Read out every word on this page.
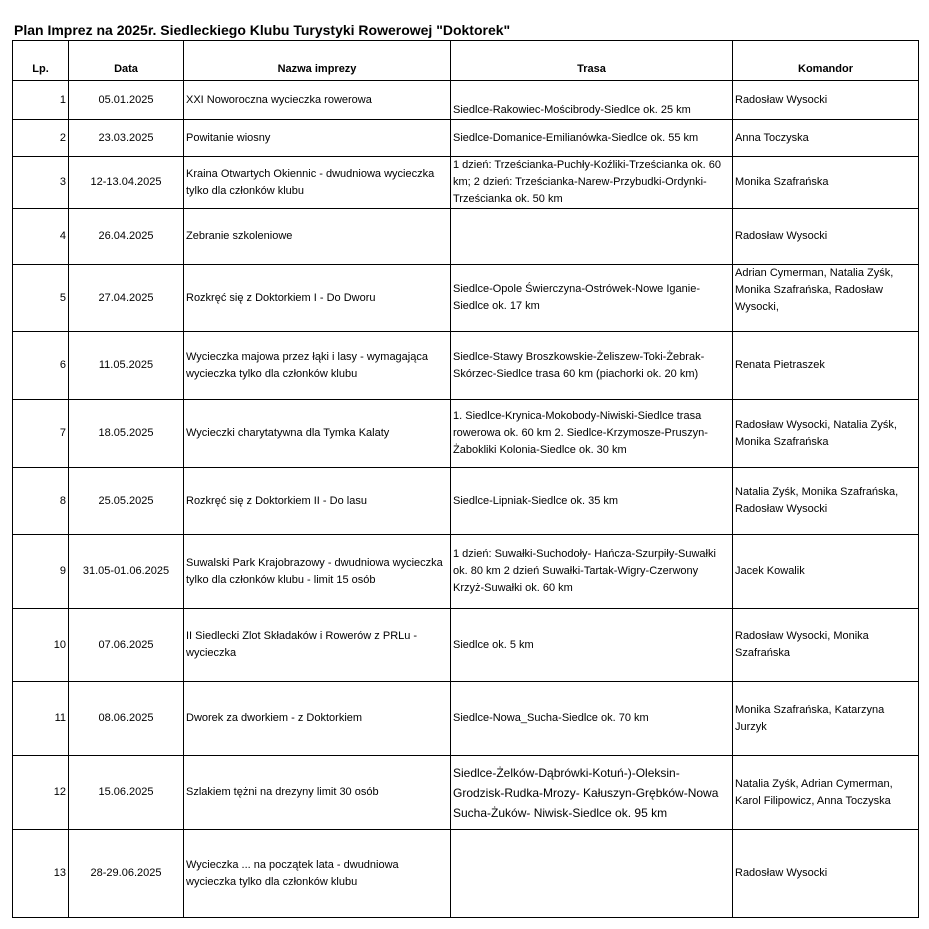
Plan Imprez na 2025r. Siedleckiego Klubu Turystyki Rowerowej "Doktorek"
Lp.	Data	Nazwa imprezy	Trasa	Komandor
1	05.01.2025	XXI Noworoczna wycieczka rowerowa	Siedlce-Rakowiec-Mościbrody-Siedlce ok. 25 km	Radosław Wysocki
2	23.03.2025	Powitanie wiosny	Siedlce-Domanice-Emilianówka-Siedlce ok. 55 km	Anna Toczyska
3	12-13.04.2025	Kraina Otwartych Okiennic - dwudniowa wycieczka tylko dla członków klubu	1 dzień: Trześcianka-Puchły-Koźliki-Trześcianka ok. 60 km; 2 dzień: Trześcianka-Narew-Przybudki-Ordynki-Trześcianka ok. 50 km	Monika Szafrańska
4	26.04.2025	Zebranie szkoleniowe		Radosław Wysocki
5	27.04.2025	Rozkręć się z Doktorkiem I - Do Dworu	Siedlce-Opole Świerczyna-Ostrówek-Nowe Iganie-Siedlce ok. 17 km	Adrian Cymerman, Natalia Zyśk, Monika Szafrańska, Radosław Wysocki,
6	11.05.2025	Wycieczka majowa przez łąki i lasy - wymagająca wycieczka tylko dla członków klubu	Siedlce-Stawy Broszkowskie-Żeliszew-Toki-Żebrak-Skórzec-Siedlce trasa 60 km (piachorki ok. 20 km)	Renata Pietraszek
7	18.05.2025	Wycieczki charytatywna dla Tymka Kalaty	1. Siedlce-Krynica-Mokobody-Niwiski-Siedlce trasa rowerowa ok. 60 km 2. Siedlce-Krzymosze-Pruszyn-Żabokliki Kolonia-Siedlce ok. 30 km	Radosław Wysocki, Natalia Zyśk, Monika Szafrańska
8	25.05.2025	Rozkręć się z Doktorkiem II - Do lasu	Siedlce-Lipniak-Siedlce ok. 35 km	Natalia Zyśk, Monika Szafrańska, Radosław Wysocki
9	31.05-01.06.2025	Suwalski Park Krajobrazowy - dwudniowa wycieczka tylko dla członków klubu - limit 15 osób	1 dzień: Suwałki-Suchodoły- Hańcza-Szurpiły-Suwałki ok. 80 km 2 dzień Suwałki-Tartak-Wigry-Czerwony Krzyż-Suwałki ok. 60 km	Jacek Kowalik
10	07.06.2025	II Siedlecki Zlot Składaków i Rowerów z PRLu - wycieczka	Siedlce ok. 5 km	Radosław Wysocki, Monika Szafrańska
11	08.06.2025	Dworek za dworkiem - z Doktorkiem	Siedlce-Nowa_Sucha-Siedlce ok. 70 km	Monika Szafrańska, Katarzyna Jurzyk
12	15.06.2025	Szlakiem tężni na drezyny limit 30 osób	Siedlce-Żelków-Dąbrówki-Kotuń-)-Oleksin-Grodzisk-Rudka-Mrozy- Kałuszyn-Grębków-Nowa Sucha-Żuków- Niwisk-Siedlce ok. 95 km	Natalia Zyśk, Adrian Cymerman, Karol Filipowicz, Anna Toczyska
13	28-29.06.2025	Wycieczka ... na początek lata - dwudniowa wycieczka tylko dla członków klubu		Radosław Wysocki
